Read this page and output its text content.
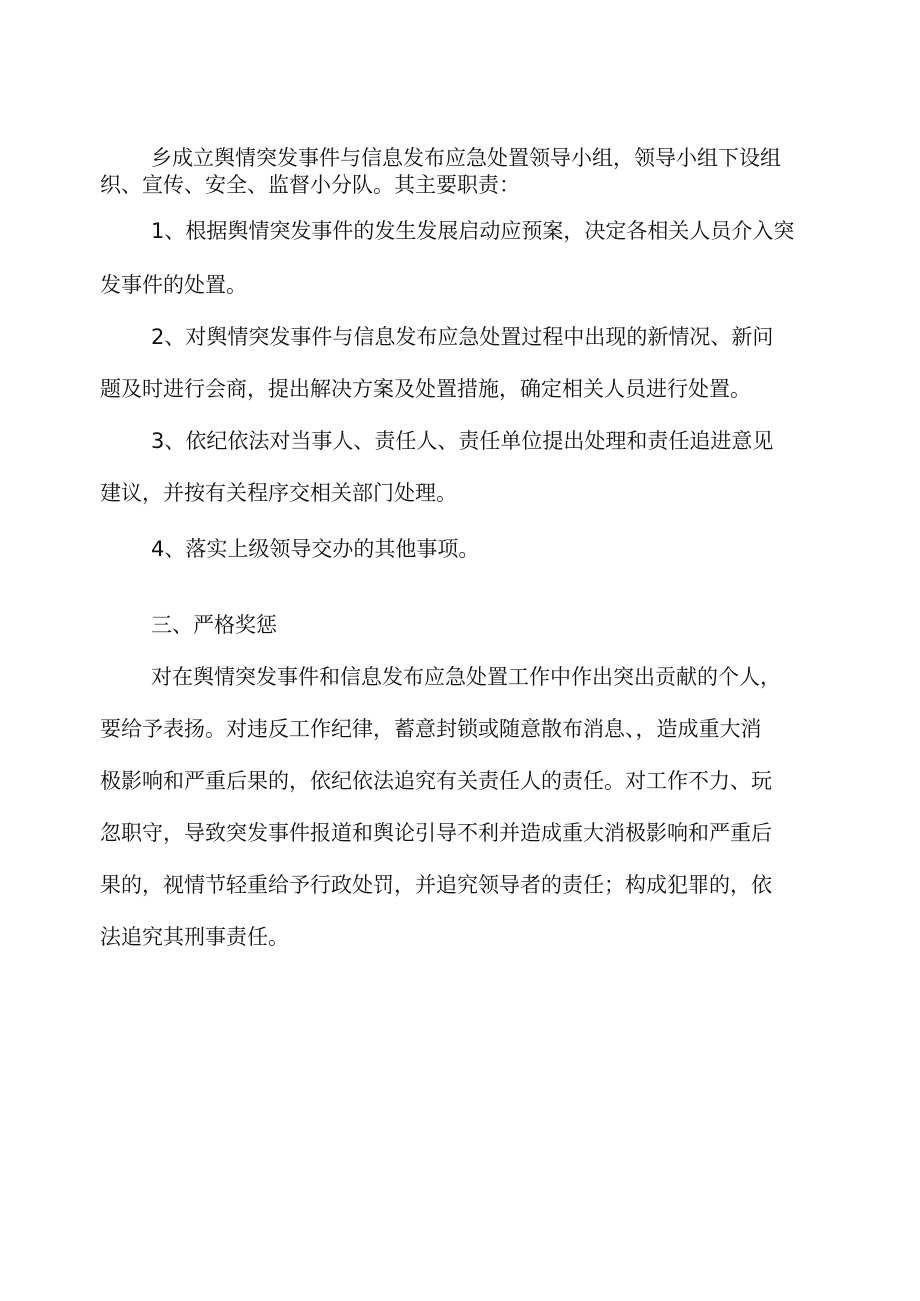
乡成立舆情突发事件与信息发布应急处置领导小组，领导小组下设组

织、宣传、安全、监督小分队。其主要职责：

1、根据舆情突发事件的发生发展启动应预案，决定各相关人员介入突

发事件的处置。

2、对舆情突发事件与信息发布应急处置过程中出现的新情况、新问

题及时进行会商，提出解决方案及处置措施，确定相关人员进行处置。

3、依纪依法对当事人、责任人、责任单位提出处理和责任追进意见

建议，并按有关程序交相关部门处理。

4、落实上级领导交办的其他事项。

三、严格奖惩

对在舆情突发事件和信息发布应急处置工作中作出突出贡献的个人，

要给予表扬。对违反工作纪律，蓄意封锁或随意散布消息、，造成重大消

极影响和严重后果的，依纪依法追究有关责任人的责任。对工作不力、玩

忽职守，导致突发事件报道和舆论引导不利并造成重大消极影响和严重后

果的，视情节轻重给予行政处罚，并追究领导者的责任；构成犯罪的，依

法追究其刑事责任。
